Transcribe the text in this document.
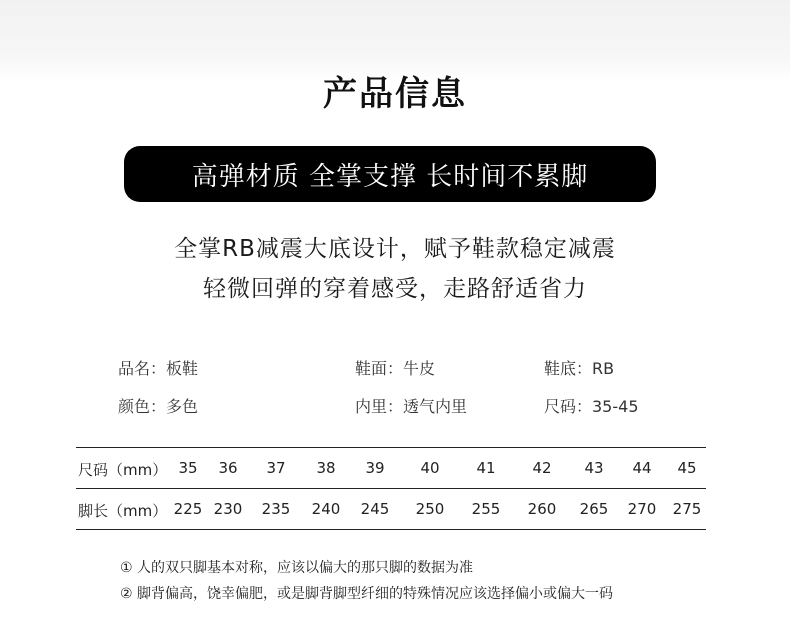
产品信息
高弹材质 全掌支撑 长时间不累脚
全掌RB减震大底设计，赋予鞋款稳定减震
轻微回弹的穿着感受，走路舒适省力
品名：板鞋	鞋面：牛皮	鞋底：RB
颜色：多色	内里：透气内里	尺码：35-45
尺码（mm） 35	36	37	38	39	40	41	42	43	44	45
脚长（mm） 225 230	235	240	245	250	255	260	265	270	275
① 人的双只脚基本对称，应该以偏大的那只脚的数据为准
② 脚背偏高，饶幸偏肥，或是脚背脚型纤细的特殊情况应该选择偏小或偏大一码
